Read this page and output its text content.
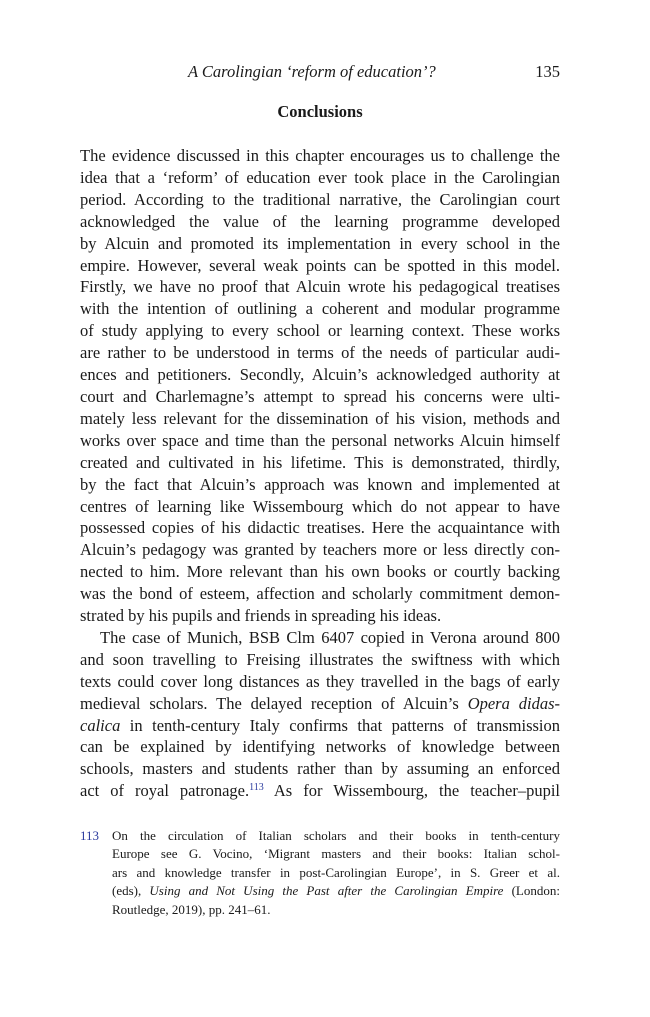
A Carolingian ‘reform of education’?	135
Conclusions
The evidence discussed in this chapter encourages us to challenge the
idea that a ‘reform’ of education ever took place in the Carolingian
period. According to the traditional narrative, the Carolingian court
acknowledged the value of the learning programme developed
by Alcuin and promoted its implementation in every school in the
empire. However, several weak points can be spotted in this model.
Firstly, we have no proof that Alcuin wrote his pedagogical treatises
with the intention of outlining a coherent and modular programme
of study applying to every school or learning context. These works
are rather to be understood in terms of the needs of particular audi-
ences and petitioners. Secondly, Alcuin’s acknowledged authority at
court and Charlemagne’s attempt to spread his concerns were ulti-
mately less relevant for the dissemination of his vision, methods and
works over space and time than the personal networks Alcuin himself
created and cultivated in his lifetime. This is demonstrated, thirdly,
by the fact that Alcuin’s approach was known and implemented at
centres of learning like Wissembourg which do not appear to have
possessed copies of his didactic treatises. Here the acquaintance with
Alcuin’s pedagogy was granted by teachers more or less directly con-
nected to him. More relevant than his own books or courtly backing
was the bond of esteem, affection and scholarly commitment demon-
strated by his pupils and friends in spreading his ideas.
The case of Munich, BSB Clm 6407 copied in Verona around 800
and soon travelling to Freising illustrates the swiftness with which
texts could cover long distances as they travelled in the bags of early
medieval scholars. The delayed reception of Alcuin’s Opera didas-
calica in tenth-century Italy confirms that patterns of transmission
can be explained by identifying networks of knowledge between
schools, masters and students rather than by assuming an enforced
act of royal patronage.$^{113}$ As for Wissembourg, the teacher–pupil
113 On the circulation of Italian scholars and their books in tenth-century
Europe see G. Vocino, ‘Migrant masters and their books: Italian schol-
ars and knowledge transfer in post-Carolingian Europe’, in S. Greer et al.
(eds), Using and Not Using the Past after the Carolingian Empire (London:
Routledge, 2019), pp. 241–61.
